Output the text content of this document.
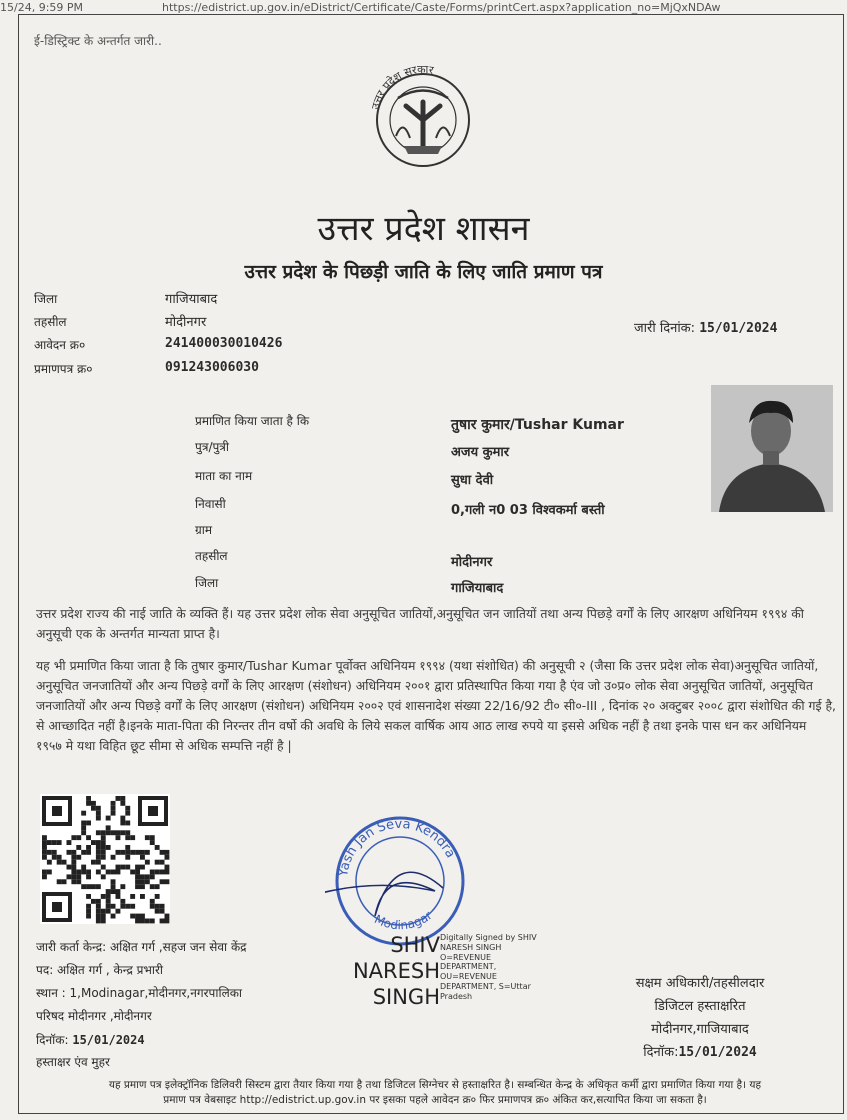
15/24, 9:59 PM	https://edistrict.up.gov.in/eDistrict/Certificate/Caste/Forms/printCert.aspx?application_no=MjQxNDAw
ई-डिस्ट्रिक्ट के अन्तर्गत जारी..
उत्तर प्रदेश सरकार
उत्तर प्रदेश शासन
उत्तर प्रदेश के पिछड़ी जाति के लिए जाति प्रमाण पत्र
जिला	गाजियाबाद
तहसील	मोदीनगर
आवेदन क्र०	241400030010426
प्रमाणपत्र क्र०	091243006030
जारी दिनांक: 15/01/2024
प्रमाणित किया जाता है कि	तुषार कुमार/Tushar Kumar
पुत्र/पुत्री	अजय कुमार
माता का नाम	सुधा देवी
निवासी	0,गली न0 03 विश्वकर्मा बस्ती
ग्राम
तहसील	मोदीनगर
जिला	गाजियाबाद

उत्तर प्रदेश राज्य की नाई जाति के व्यक्ति हैं। यह उत्तर प्रदेश लोक सेवा अनुसूचित जातियों,अनुसूचित जन जातियों तथा अन्य पिछड़े वर्गों के लिए आरक्षण अधिनियम १९९४ की अनुसूची एक के अन्तर्गत मान्यता प्राप्त है।

यह भी प्रमाणित किया जाता है कि तुषार कुमार/Tushar Kumar पूर्वोक्त अधिनियम १९९४ (यथा संशोधित) की अनुसूची २ (जैसा कि उत्तर प्रदेश लोक सेवा)अनुसूचित जातियों, अनुसूचित जनजातियों और अन्य पिछड़े वर्गों के लिए आरक्षण (संशोधन) अधिनियम २००१ द्वारा प्रतिस्थापित किया गया है एंव जो उ०प्र० लोक सेवा अनुसूचित जातियों, अनुसूचित जनजातियों और अन्य पिछड़े वर्गों के लिए आरक्षण (संशोधन) अधिनियम २००२ एवं शासनादेश संख्या 22/16/92 टी० सी०-III , दिनांक २० अक्टुबर २००८ द्वारा संशोधित की गई है, से आच्छादित नहीं है।इनके माता-पिता की निरन्तर तीन वर्षो की अवधि के लिये सकल वार्षिक आय आठ लाख रुपये या इससे अधिक नहीं है तथा इनके पास धन कर अधिनियम १९५७ मे यथा विहित छूट सीमा से अधिक सम्पत्ति नहीं है |

Yash Jan Seva Kendra
Modinagar
जारी कर्ता केन्द्र: अक्षित गर्ग ,सहज जन सेवा केंद्र
पद: अक्षित गर्ग , केन्द्र प्रभारी
स्थान : 1,Modinagar,मोदीनगर,नगरपालिका
परिषद मोदीनगर ,मोदीनगर
दिनॉक: 15/01/2024
हस्ताक्षर एंव मुहर
SHIV
NARESH
SINGH
Digitally Signed by SHIV
NARESH SINGH
O=REVENUE
DEPARTMENT,
OU=REVENUE
DEPARTMENT, S=Uttar
Pradesh
सक्षम अधिकारी/तहसीलदार
डिजिटल हस्ताक्षरित
मोदीनगर,गाजियाबाद
दिनॉक:15/01/2024
यह प्रमाण पत्र इलेक्ट्रॉनिक डिलिवरी सिस्टम द्वारा तैयार किया गया है तथा डिजिटल सिग्नेचर से हस्ताक्षरित है। सम्बन्धित केन्द्र के अधिकृत कर्मी द्वारा प्रमाणित किया गया है। यह
प्रमाण पत्र वेबसाइट http://edistrict.up.gov.in पर इसका पहले आवेदन क्र० फिर प्रमाणपत्र क्र० अंकित कर,सत्यापित किया जा सकता है।
